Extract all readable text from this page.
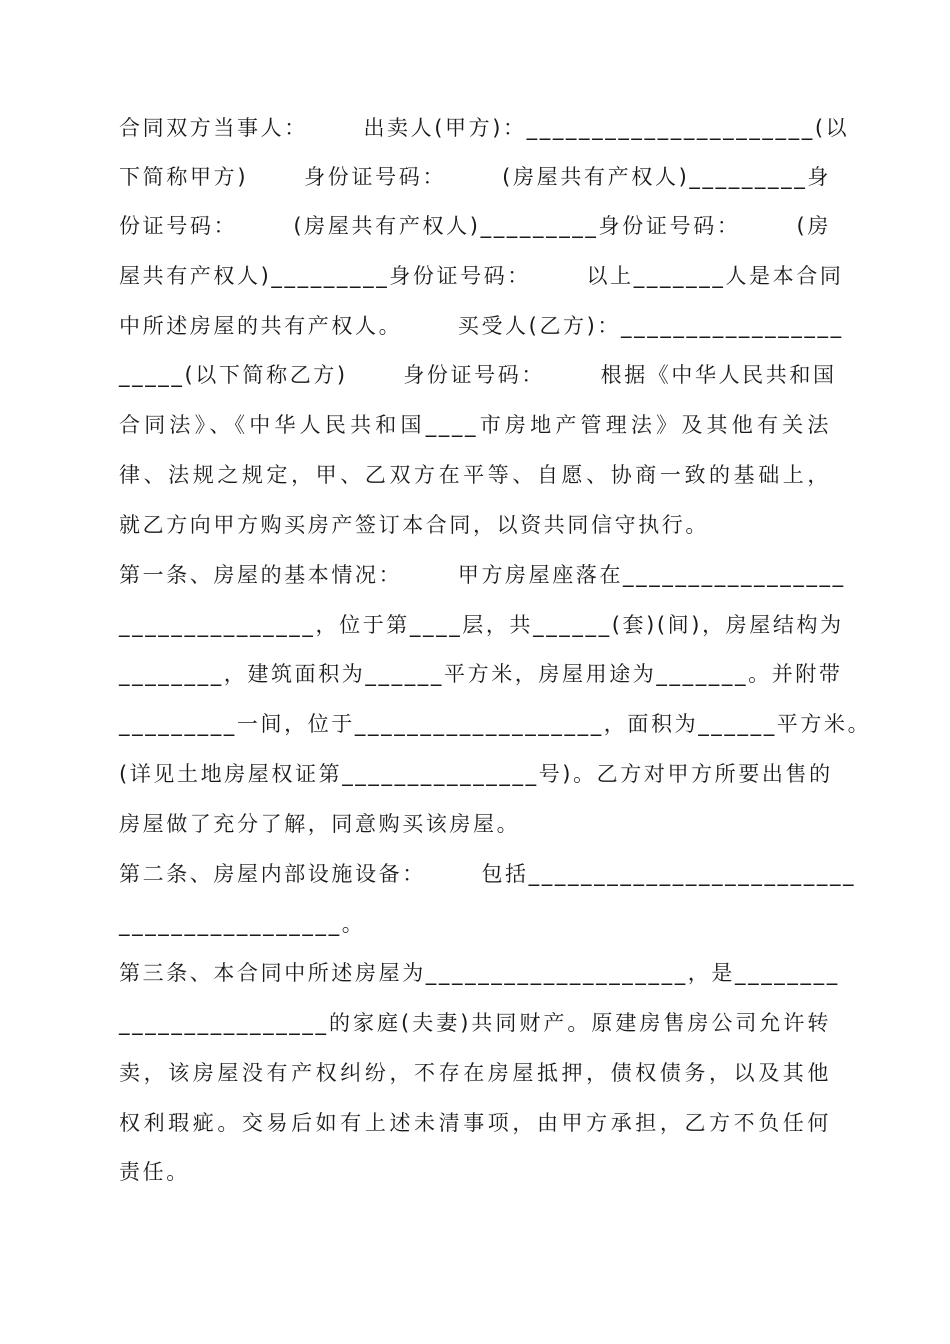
合同双方当事人：      出卖人(甲方)：______________________(以
下简称甲方)      身份证号码：      (房屋共有产权人)_________身
份证号码：      (房屋共有产权人)_________身份证号码：      (房
屋共有产权人)_________身份证号码：      以上_______人是本合同
中所述房屋的共有产权人。      买受人(乙方)：_________________
_____(以下简称乙方)      身份证号码：      根据《中华人民共和国
合同法》、《中华人民共和国____市房地产管理法》及其他有关法
律、法规之规定，甲、乙双方在平等、自愿、协商一致的基础上，
就乙方向甲方购买房产签订本合同，以资共同信守执行。
第一条、房屋的基本情况：      甲方房屋座落在_________________
_______________，位于第____层，共______(套)(间)，房屋结构为
________，建筑面积为______平方米，房屋用途为_______。并附带
_________一间，位于___________________，面积为______平方米。
(详见土地房屋权证第_______________号)。乙方对甲方所要出售的
房屋做了充分了解，同意购买该房屋。
第二条、房屋内部设施设备：      包括_________________________
_________________。
第三条、本合同中所述房屋为____________________，是________
________________的家庭(夫妻)共同财产。原建房售房公司允许转
卖，该房屋没有产权纠纷，不存在房屋抵押，债权债务，以及其他
权利瑕疵。交易后如有上述未清事项，由甲方承担，乙方不负任何
责任。
